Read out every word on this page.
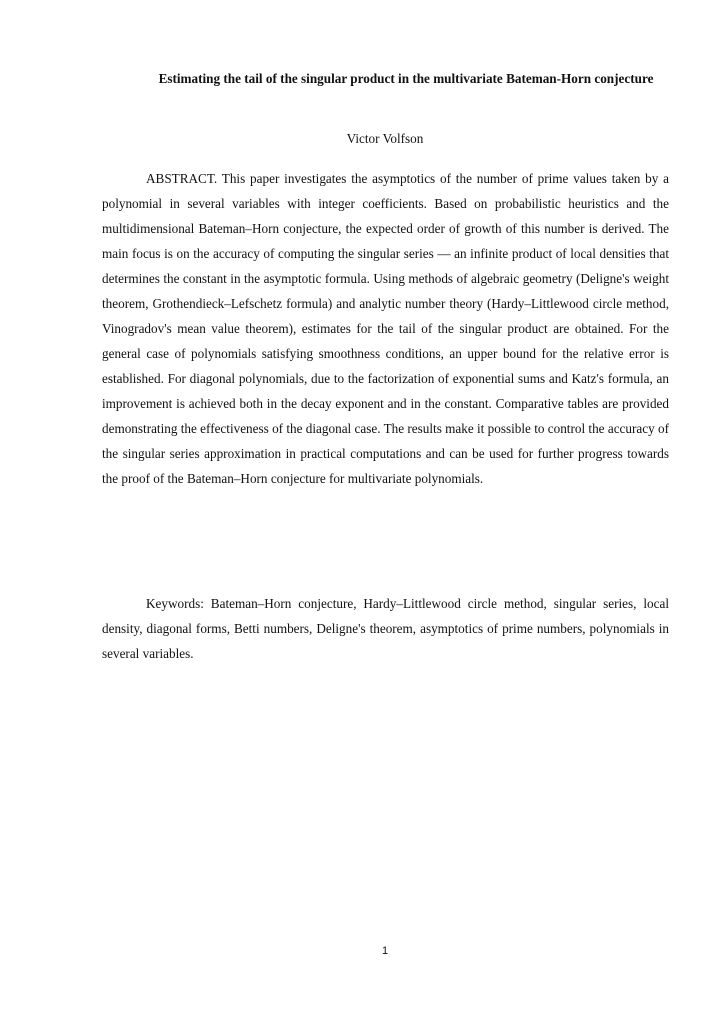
Estimating the tail of the singular product in the multivariate Bateman-Horn conjecture
Victor Volfson

ABSTRACT. This paper investigates the asymptotics of the number of prime values taken by a polynomial in several variables with integer coefficients. Based on probabilistic heuristics and the multidimensional Bateman–Horn conjecture, the expected order of growth of this number is derived. The main focus is on the accuracy of computing the singular series — an infinite product of local densities that determines the constant in the asymptotic formula. Using methods of algebraic geometry (Deligne's weight theorem, Grothendieck–Lefschetz formula) and analytic number theory (Hardy–Littlewood circle method, Vinogradov's mean value theorem), estimates for the tail of the singular product are obtained. For the general case of polynomials satisfying smoothness conditions, an upper bound for the relative error is established. For diagonal polynomials, due to the factorization of exponential sums and Katz's formula, an improvement is achieved both in the decay exponent and in the constant. Comparative tables are provided demonstrating the effectiveness of the diagonal case. The results make it possible to control the accuracy of the singular series approximation in practical computations and can be used for further progress towards the proof of the Bateman–Horn conjecture for multivariate polynomials.

Keywords: Bateman–Horn conjecture, Hardy–Littlewood circle method, singular series, local density, diagonal forms, Betti numbers, Deligne's theorem, asymptotics of prime numbers, polynomials in several variables.

1
